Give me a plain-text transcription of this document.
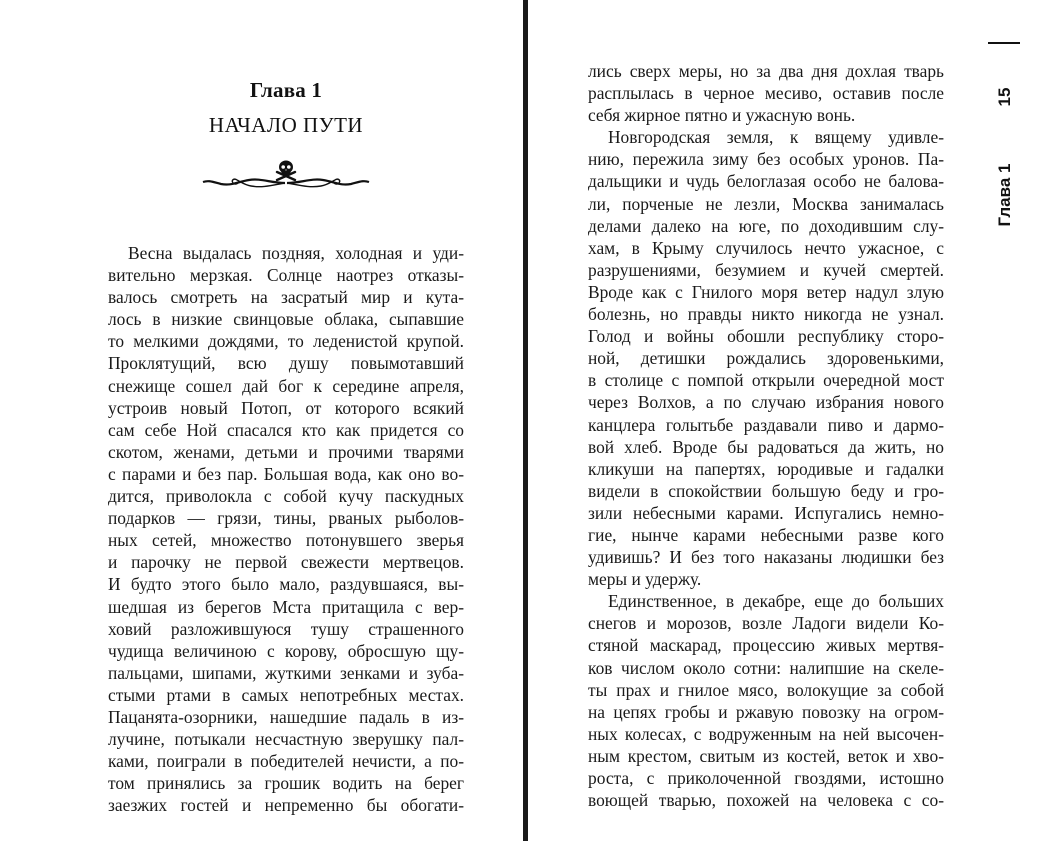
Глава 1
НАЧАЛО ПУТИ
Весна выдалась поздняя, холодная и уди-
вительно мерзкая. Солнце наотрез отказы-
валось смотреть на засратый мир и кута-
лось в низкие свинцовые облака, сыпавшие
то мелкими дождями, то леденистой крупой.
Проклятущий, всю душу повымотавший
снежище сошел дай бог к середине апреля,
устроив новый Потоп, от которого всякий
сам себе Ной спасался кто как придется со
скотом, женами, детьми и прочими тварями
с парами и без пар. Большая вода, как оно во-
дится, приволокла с собой кучу паскудных
подарков — грязи, тины, рваных рыболов-
ных сетей, множество потонувшего зверья
и парочку не первой свежести мертвецов.
И будто этого было мало, раздувшаяся, вы-
шедшая из берегов Мста притащила с вер-
ховий разложившуюся тушу страшенного
чудища величиною с корову, обросшую щу-
пальцами, шипами, жуткими зенками и зуба-
стыми ртами в самых непотребных местах.
Пацанята-озорники, нашедшие падаль в из-
лучине, потыкали несчастную зверушку пал-
ками, поиграли в победителей нечисти, а по-
том принялись за грошик водить на берег
заезжих гостей и непременно бы обогати-
лись сверх меры, но за два дня дохлая тварь
расплылась в черное месиво, оставив после
себя жирное пятно и ужасную вонь.
Новгородская земля, к вящему удивле-
нию, пережила зиму без особых уронов. Па-
дальщики и чудь белоглазая особо не балова-
ли, порченые не лезли, Москва занималась
делами далеко на юге, по доходившим слу-
хам, в Крыму случилось нечто ужасное, с
разрушениями, безумием и кучей смертей.
Вроде как с Гнилого моря ветер надул злую
болезнь, но правды никто никогда не узнал.
Голод и войны обошли республику сторо-
ной, детишки рождались здоровенькими,
в столице с помпой открыли очередной мост
через Волхов, а по случаю избрания нового
канцлера голытьбе раздавали пиво и дармо-
вой хлеб. Вроде бы радоваться да жить, но
кликуши на папертях, юродивые и гадалки
видели в спокойствии большую беду и гро-
зили небесными карами. Испугались немно-
гие, нынче карами небесными разве кого
удивишь? И без того наказаны людишки без
меры и удержу.
Единственное, в декабре, еще до больших
снегов и морозов, возле Ладоги видели Ко-
стяной маскарад, процессию живых мертвя-
ков числом около сотни: налипшие на скеле-
ты прах и гнилое мясо, волокущие за собой
на цепях гробы и ржавую повозку на огром-
ных колесах, с водруженным на ней высочен-
ным крестом, свитым из костей, веток и хво-
роста, с приколоченной гвоздями, истошно
воющей тварью, похожей на человека с со-
15
Глава 1
